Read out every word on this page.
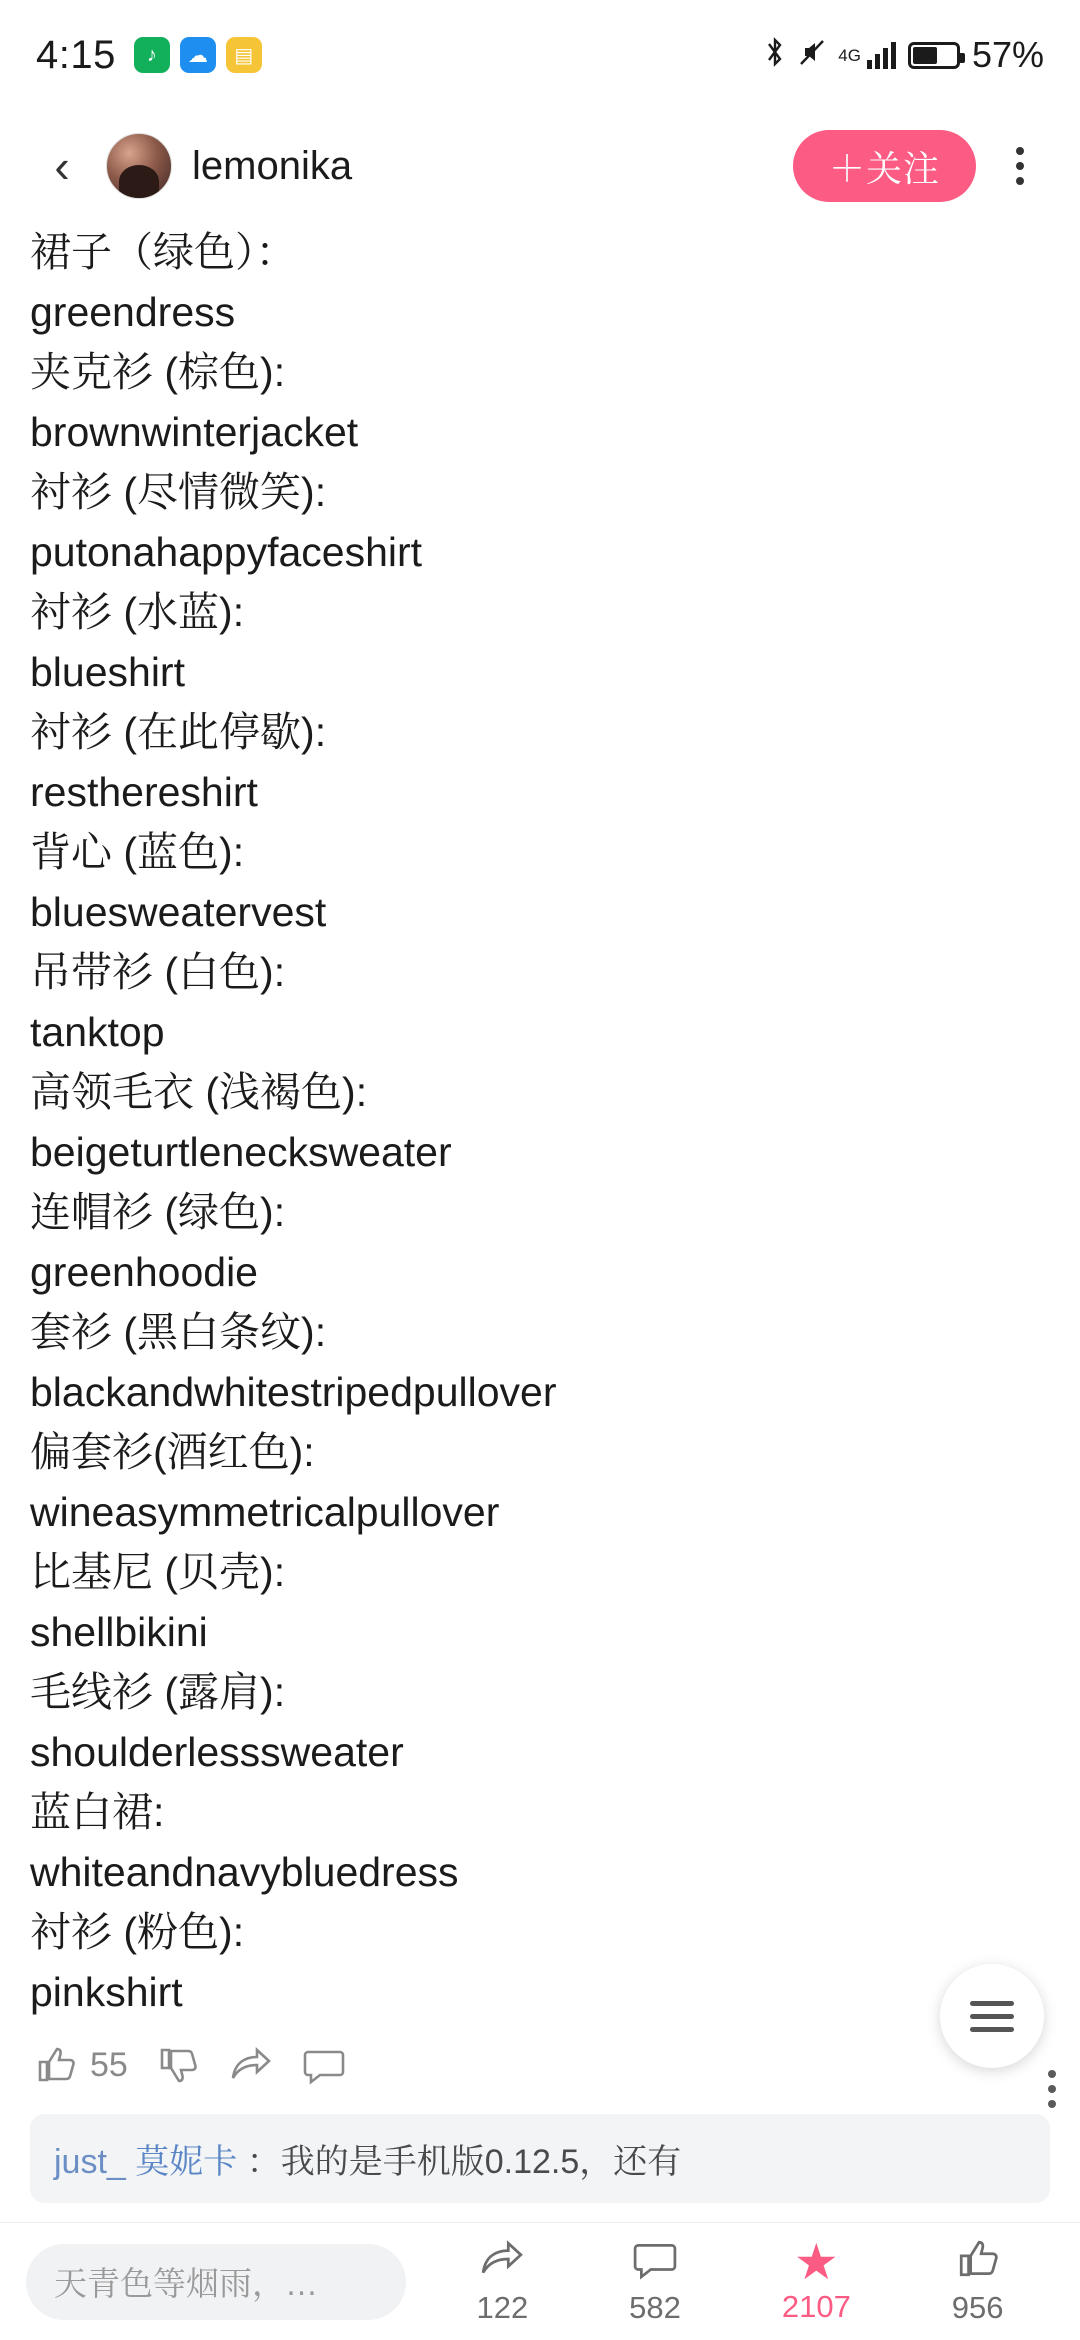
4:15	♪	☁	▤	4G	57%
‹	lemonika	＋关注
裙子（绿色）：
greendress
夹克衫 (棕色):
brownwinterjacket
衬衫 (尽情微笑):
putonahappyfaceshirt
衬衫 (水蓝):
blueshirt
衬衫 (在此停歇):
resthereshirt
背心 (蓝色):
bluesweatervest
吊带衫 (白色):
tanktop
高领毛衣 (浅褐色):
beigeturtlenecksweater
连帽衫 (绿色):
greenhoodie
套衫 (黑白条纹):
blackandwhitestripedpullover
偏套衫(酒红色):
wineasymmetricalpullover
比基尼 (贝壳):
shellbikini
毛线衫 (露肩):
shoulderlesssweater
蓝白裙:
whiteandnavybluedress
衬衫 (粉色):
pinkshirt
55
just_ 莫妮卡 ：我的是手机版0.12.5，还有
天青色等烟雨，…
122	582
★
2107	956
